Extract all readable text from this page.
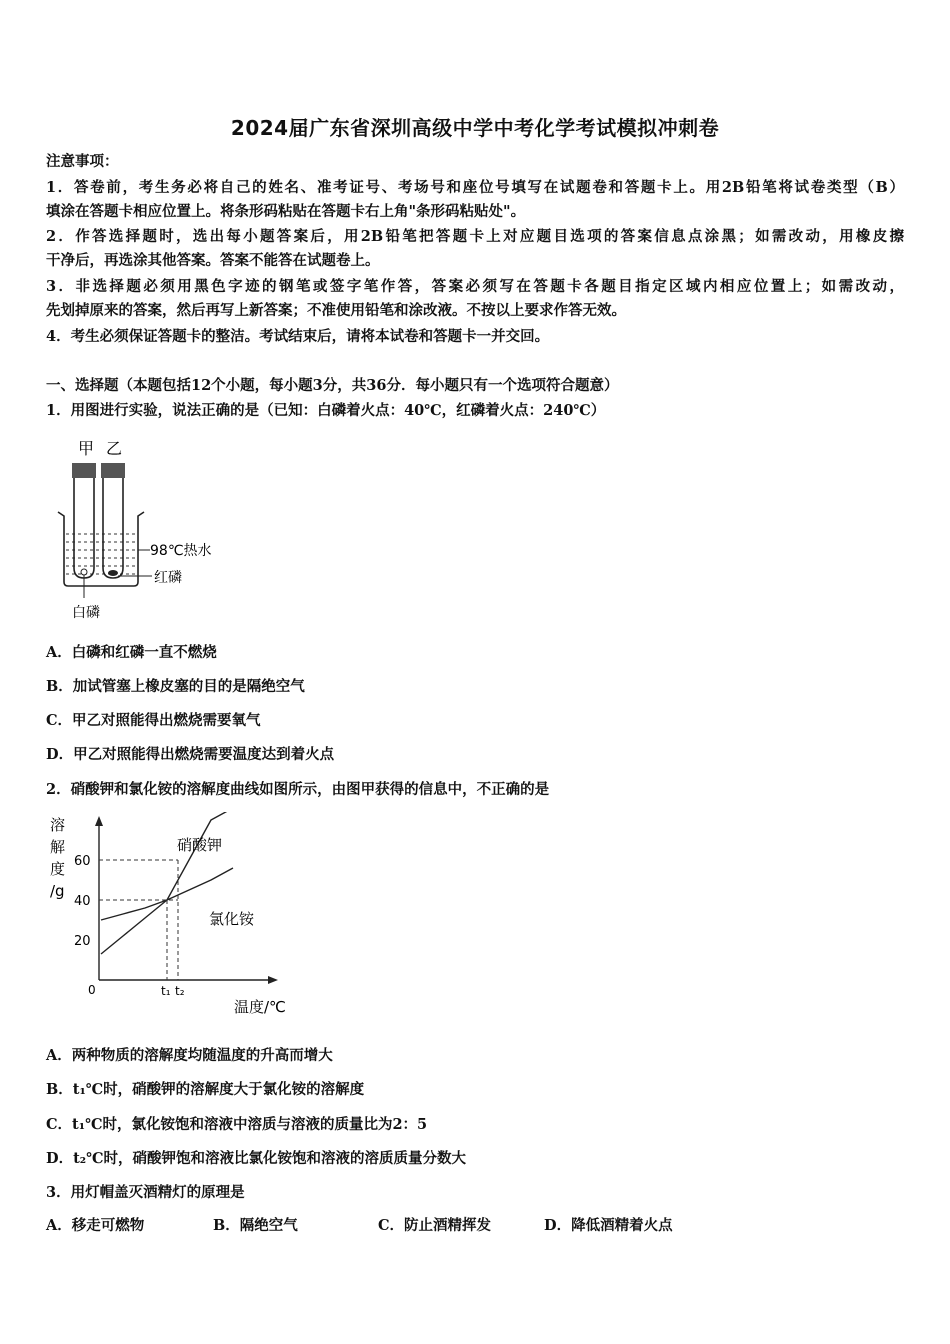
2024届广东省深圳高级中学中考化学考试模拟冲刺卷
注意事项：
1．答卷前，考生务必将自己的姓名、准考证号、考场号和座位号填写在试题卷和答题卡上。用2B铅笔将试卷类型（B）
填涂在答题卡相应位置上。将条形码粘贴在答题卡右上角"条形码粘贴处"。
2．作答选择题时，选出每小题答案后，用2B铅笔把答题卡上对应题目选项的答案信息点涂黑；如需改动，用橡皮擦
干净后，再选涂其他答案。答案不能答在试题卷上。
3．非选择题必须用黑色字迹的钢笔或签字笔作答，答案必须写在答题卡各题目指定区域内相应位置上；如需改动，
先划掉原来的答案，然后再写上新答案；不准使用铅笔和涂改液。不按以上要求作答无效。
4．考生必须保证答题卡的整洁。考试结束后，请将本试卷和答题卡一并交回。
一、选择题（本题包括12个小题，每小题3分，共36分．每小题只有一个选项符合题意）
1．用图进行实验，说法正确的是（已知：白磷着火点：40℃，红磷着火点：240℃）
甲 乙
98℃热水
红磷
白磷
A．白磷和红磷一直不燃烧
B．加试管塞上橡皮塞的目的是隔绝空气
C．甲乙对照能得出燃烧需要氧气
D．甲乙对照能得出燃烧需要温度达到着火点
2．硝酸钾和氯化铵的溶解度曲线如图所示，由图甲获得的信息中，不正确的是
溶
解
度
/g
0
温度/℃
20
40
60
硝酸钾
氯化铵
t₁ t₂
A．两种物质的溶解度均随温度的升高而增大
B．t₁℃时，硝酸钾的溶解度大于氯化铵的溶解度
C．t₁℃时，氯化铵饱和溶液中溶质与溶液的质量比为2：5
D．t₂℃时，硝酸钾饱和溶液比氯化铵饱和溶液的溶质质量分数大
3．用灯帽盖灭酒精灯的原理是
A．移走可燃物	B．隔绝空气	C．防止酒精挥发	D．降低酒精着火点
